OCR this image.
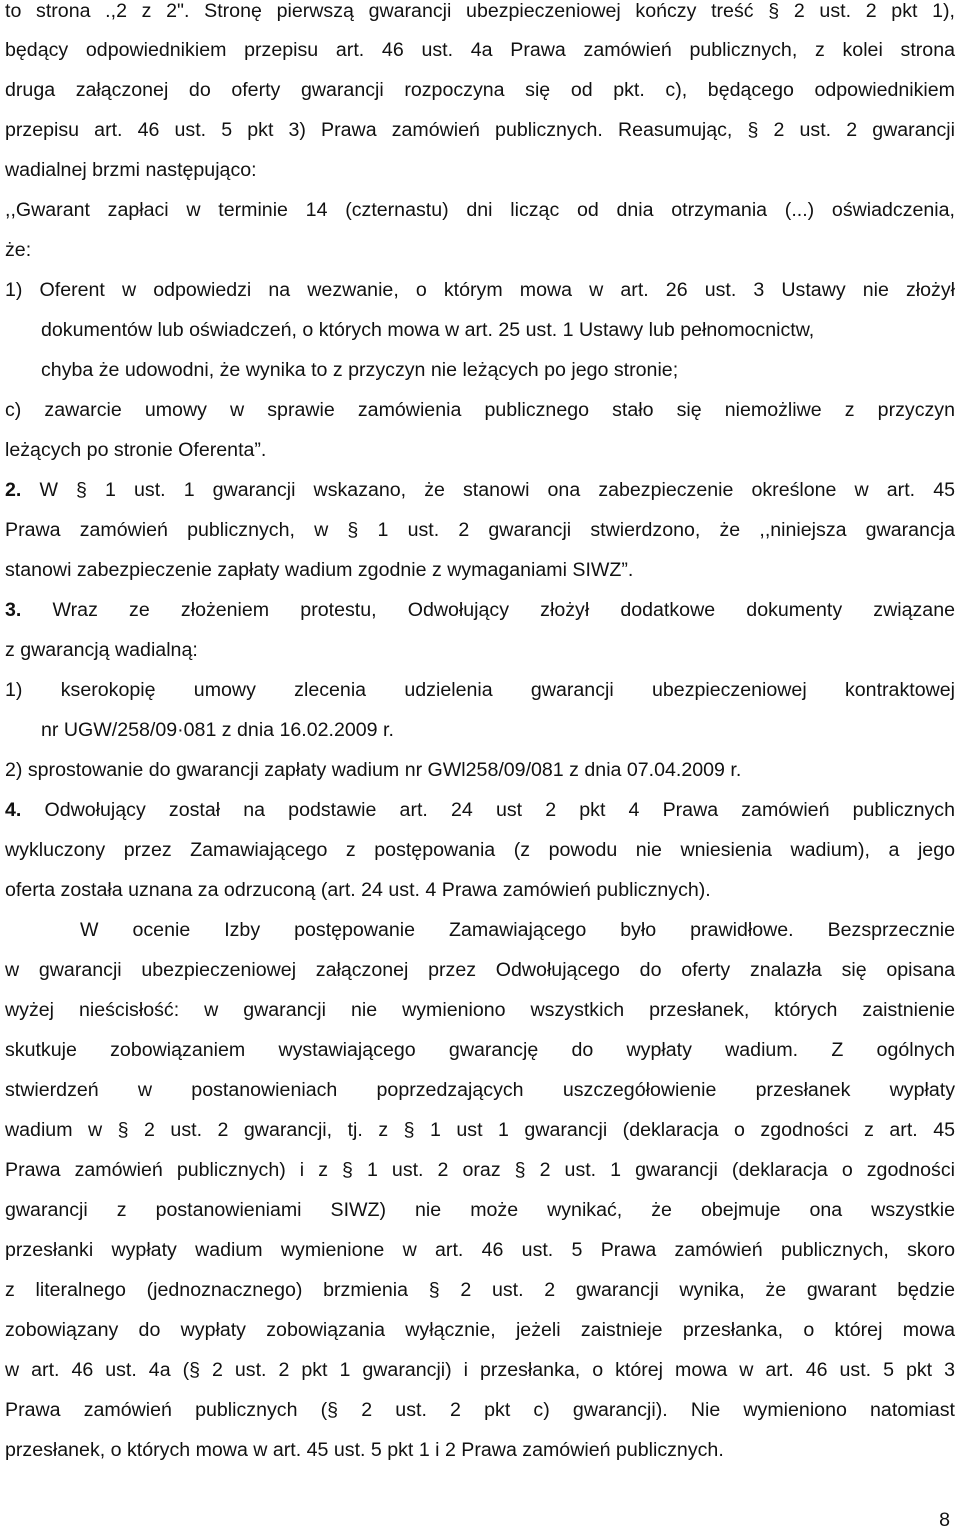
to strona .,2 z 2". Stronę pierwszą gwarancji ubezpieczeniowej kończy treść § 2 ust. 2 pkt 1),
będący odpowiednikiem przepisu art. 46 ust. 4a Prawa zamówień publicznych, z kolei strona
druga załączonej do oferty gwarancji rozpoczyna się od pkt. c), będącego odpowiednikiem
przepisu art. 46 ust. 5 pkt 3) Prawa zamówień publicznych. Reasumując, § 2 ust. 2 gwarancji
wadialnej brzmi następująco:
,,Gwarant zapłaci w terminie 14 (czternastu) dni licząc od dnia otrzymania (...) oświadczenia,
że:
1) Oferent w odpowiedzi na wezwanie, o którym mowa w art. 26 ust. 3 Ustawy nie złożył
dokumentów lub oświadczeń, o których mowa w art. 25 ust. 1 Ustawy lub pełnomocnictw,
chyba że udowodni, że wynika to z przyczyn nie leżących po jego stronie;
c) zawarcie umowy w sprawie zamówienia publicznego stało się niemożliwe z przyczyn
leżących po stronie Oferenta”.
2. W § 1 ust. 1 gwarancji wskazano, że stanowi ona zabezpieczenie określone w art. 45
Prawa zamówień publicznych, w § 1 ust. 2 gwarancji stwierdzono, że ,,niniejsza gwarancja
stanowi zabezpieczenie zapłaty wadium zgodnie z wymaganiami SIWZ”.
3. Wraz ze złożeniem protestu, Odwołujący złożył dodatkowe dokumenty związane
z gwarancją wadialną:
1) kserokopię umowy zlecenia udzielenia gwarancji ubezpieczeniowej kontraktowej
nr UGW/258/09·081 z dnia 16.02.2009 r.
2) sprostowanie do gwarancji zapłaty wadium nr GWl258/09/081 z dnia 07.04.2009 r.
4. Odwołujący został na podstawie art. 24 ust 2 pkt 4 Prawa zamówień publicznych
wykluczony przez Zamawiającego z postępowania (z powodu nie wniesienia wadium), a jego
oferta została uznana za odrzuconą (art. 24 ust. 4 Prawa zamówień publicznych).
W ocenie Izby postępowanie Zamawiającego było prawidłowe. Bezsprzecznie
w gwarancji ubezpieczeniowej załączonej przez Odwołującego do oferty znalazła się opisana
wyżej nieścisłość: w gwarancji nie wymieniono wszystkich przesłanek, których zaistnienie
skutkuje zobowiązaniem wystawiającego gwarancję do wypłaty wadium. Z ogólnych
stwierdzeń w postanowieniach poprzedzających uszczegółowienie przesłanek wypłaty
wadium w § 2 ust. 2 gwarancji, tj. z § 1 ust 1 gwarancji (deklaracja o zgodności z art. 45
Prawa zamówień publicznych) i z § 1 ust. 2 oraz § 2 ust. 1 gwarancji (deklaracja o zgodności
gwarancji z postanowieniami SIWZ) nie może wynikać, że obejmuje ona wszystkie
przesłanki wypłaty wadium wymienione w art. 46 ust. 5 Prawa zamówień publicznych, skoro
z literalnego (jednoznacznego) brzmienia § 2 ust. 2 gwarancji wynika, że gwarant będzie
zobowiązany do wypłaty zobowiązania wyłącznie, jeżeli zaistnieje przesłanka, o której mowa
w art. 46 ust. 4a (§ 2 ust. 2 pkt 1 gwarancji) i przesłanka, o której mowa w art. 46 ust. 5 pkt 3
Prawa zamówień publicznych (§ 2 ust. 2 pkt c) gwarancji). Nie wymieniono natomiast
przesłanek, o których mowa w art. 45 ust. 5 pkt 1 i 2 Prawa zamówień publicznych.
8
